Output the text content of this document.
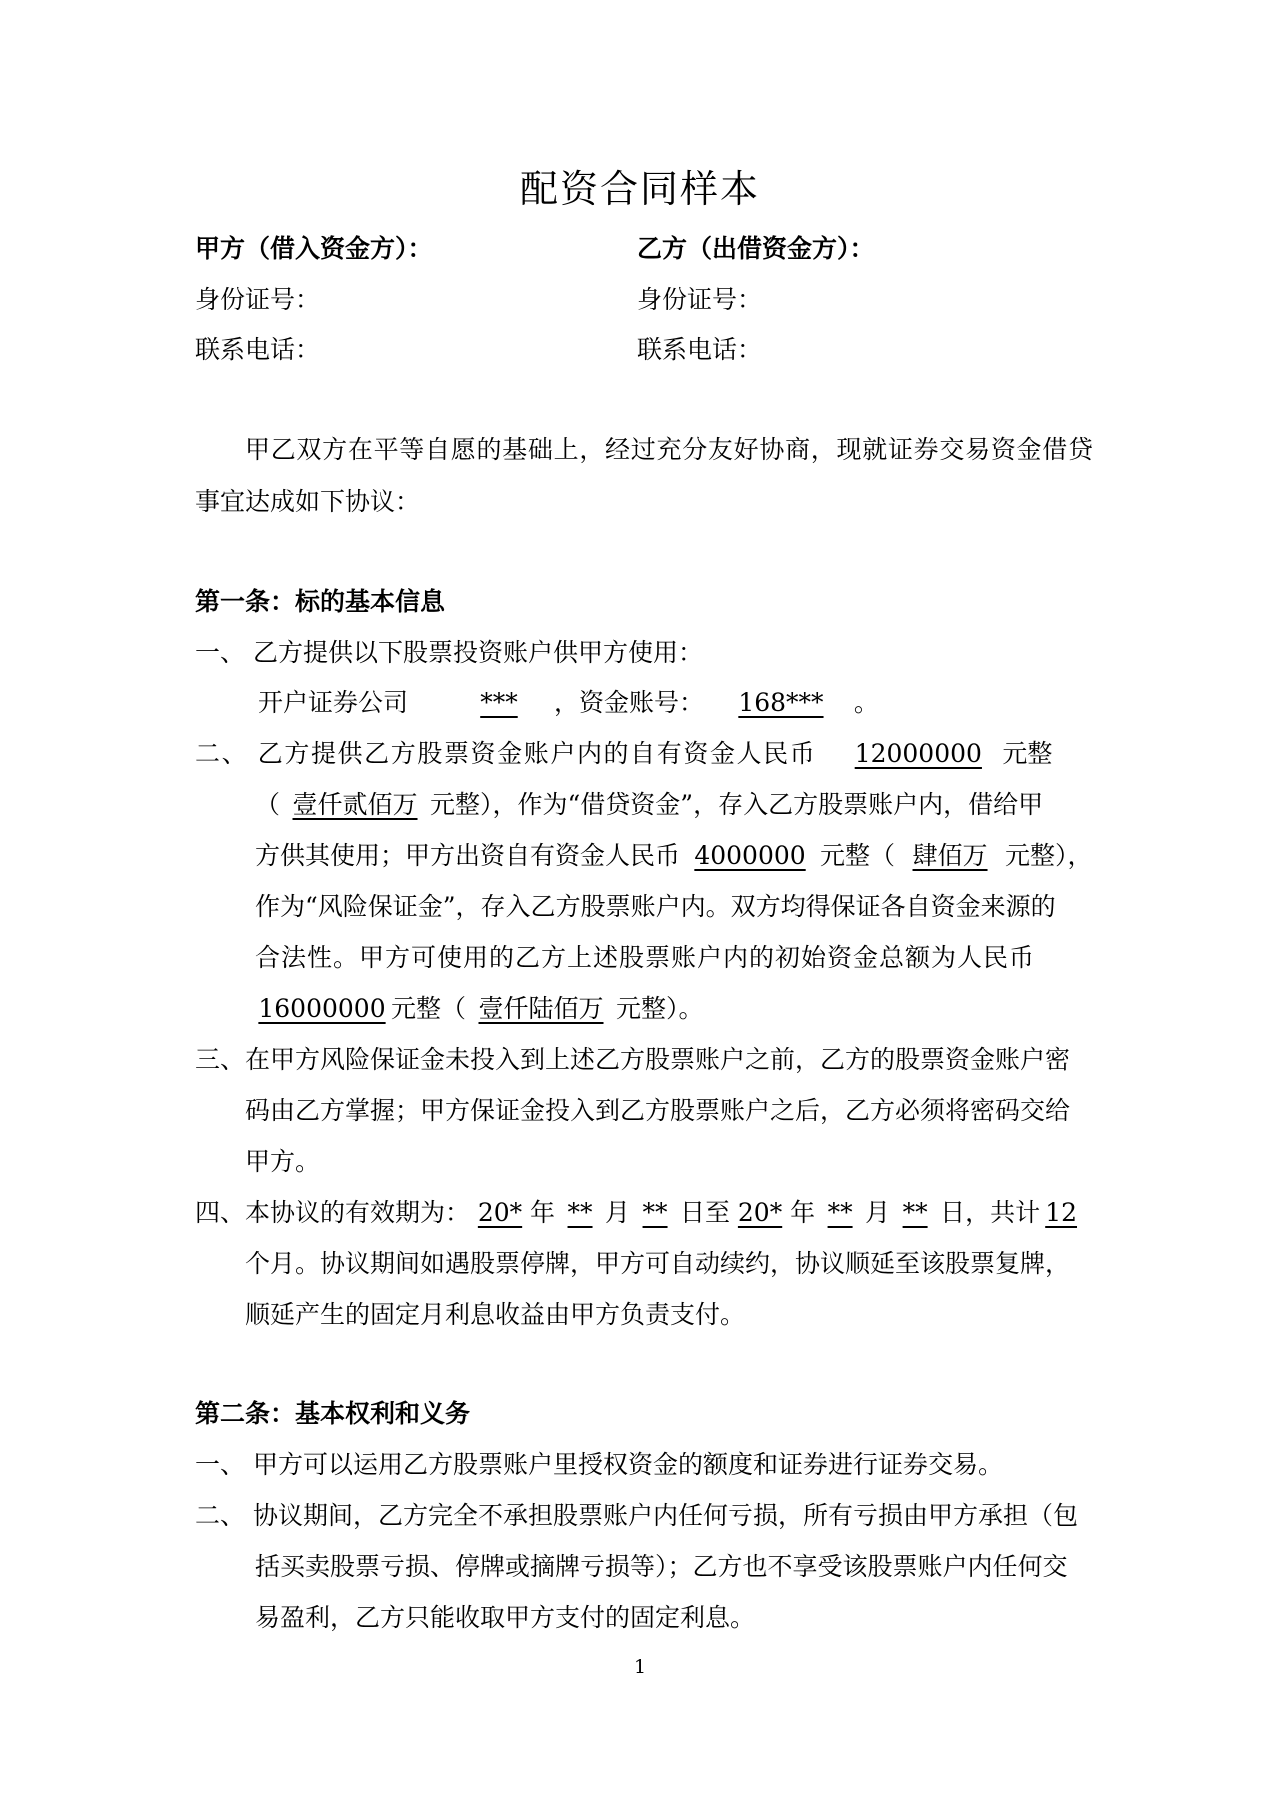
配资合同样本
甲方（借入资金方）：	乙方（出借资金方）：
身份证号：	身份证号：
联系电话：	联系电话：
甲乙双方在平等自愿的基础上，经过充分友好协商，现就证券交易资金借贷
事宜达成如下协议：
第一条：标的基本信息
一、 乙方提供以下股票投资账户供甲方使用：
开户证券公司	*** ，资金账号： 168*** 。
二、 乙方提供乙方股票资金账户内的自有资金人民币 12000000 元整
（ 壹仟贰佰万 元整），作为“借贷资金”，存入乙方股票账户内，借给甲
方供其使用；甲方出资自有资金人民币 4000000 元整（ 肆佰万 元整），
作为“风险保证金”，存入乙方股票账户内。双方均得保证各自资金来源的
合法性。甲方可使用的乙方上述股票账户内的初始资金总额为人民币
16000000 元整（ 壹仟陆佰万 元整）。
三、在甲方风险保证金未投入到上述乙方股票账户之前，乙方的股票资金账户密
码由乙方掌握；甲方保证金投入到乙方股票账户之后，乙方必须将密码交给
甲方。
四、本协议的有效期为： 20* 年 ** 月 ** 日至 20* 年 ** 月 ** 日，共计 12
个月。协议期间如遇股票停牌，甲方可自动续约，协议顺延至该股票复牌，
顺延产生的固定月利息收益由甲方负责支付。
第二条：基本权利和义务
一、 甲方可以运用乙方股票账户里授权资金的额度和证券进行证券交易。
二、 协议期间，乙方完全不承担股票账户内任何亏损，所有亏损由甲方承担（包
括买卖股票亏损、停牌或摘牌亏损等）；乙方也不享受该股票账户内任何交
易盈利，乙方只能收取甲方支付的固定利息。
1
